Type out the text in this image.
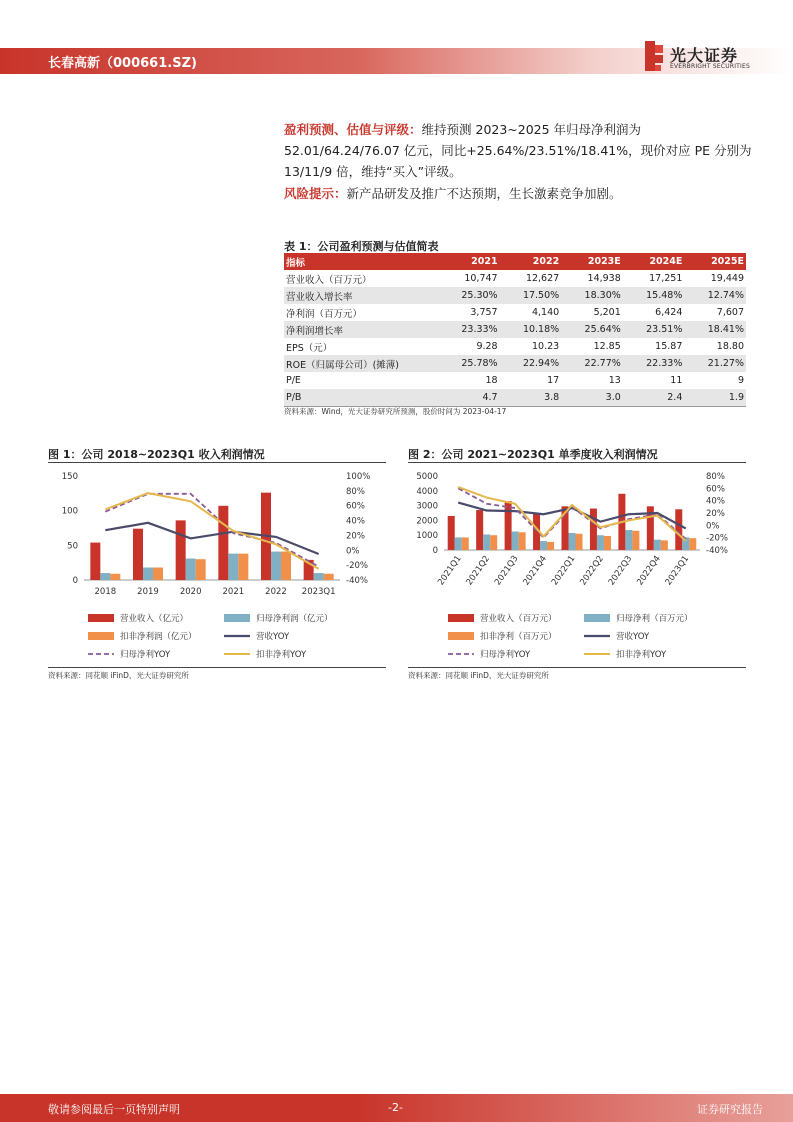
长春高新（000661.SZ)	光大证券
EVERBRIGHT SECURITIES
盈利预测、估值与评级：维持预测 2023~2025 年归母净利润为
52.01/64.24/76.07 亿元，同比+25.64%/23.51%/18.41%，现价对应 PE 分别为
13/11/9 倍，维持“买入”评级。
风险提示：新产品研发及推广不达预期，生长激素竞争加剧。
表 1：公司盈利预测与估值简表
指标	2021	2022	2023E	2024E	2025E
营业收入（百万元）	10,747	12,627	14,938	17,251	19,449
营业收入增长率	25.30%	17.50%	18.30%	15.48%	12.74%
净利润（百万元）	3,757	4,140	5,201	6,424	7,607
净利润增长率	23.33%	10.18%	25.64%	23.51%	18.41%
EPS（元）	9.28	10.23	12.85	15.87	18.80
ROE（归属母公司）(摊薄)	25.78%	22.94%	22.77%	22.33%	21.27%
P/E	18	17	13	11	9
P/B	4.7	3.8	3.0	2.4	1.9
资料来源：Wind，光大证券研究所预测，股价时间为 2023-04-17
图 1：公司 2018~2023Q1 收入利润情况
0
50
100
150	100%
80%
60%
40%
20%
0%
-20%
-40%
2018 2019 2020 2021 2022 2023Q1
营业收入（亿元）	归母净利润（亿元）
扣非净利润（亿元）	营收YOY
归母净利YOY	扣非净利YOY
资料来源：同花顺 iFinD、光大证券研究所
图 2：公司 2021~2023Q1 单季度收入利润情况
0
1000
2000
3000
4000
5000	80%
60%
40%
20%
0%
-20%
-40%
2021Q1 2021Q2 2021Q3 2021Q4 2022Q1 2022Q2 2022Q3 2022Q4 2023Q1
营业收入（百万元）	归母净利（百万元）
扣非净利（百万元）	营收YOY
归母净利YOY	扣非净利YOY
资料来源：同花顺 iFinD、光大证券研究所
敬请参阅最后一页特别声明	-2-	证券研究报告
